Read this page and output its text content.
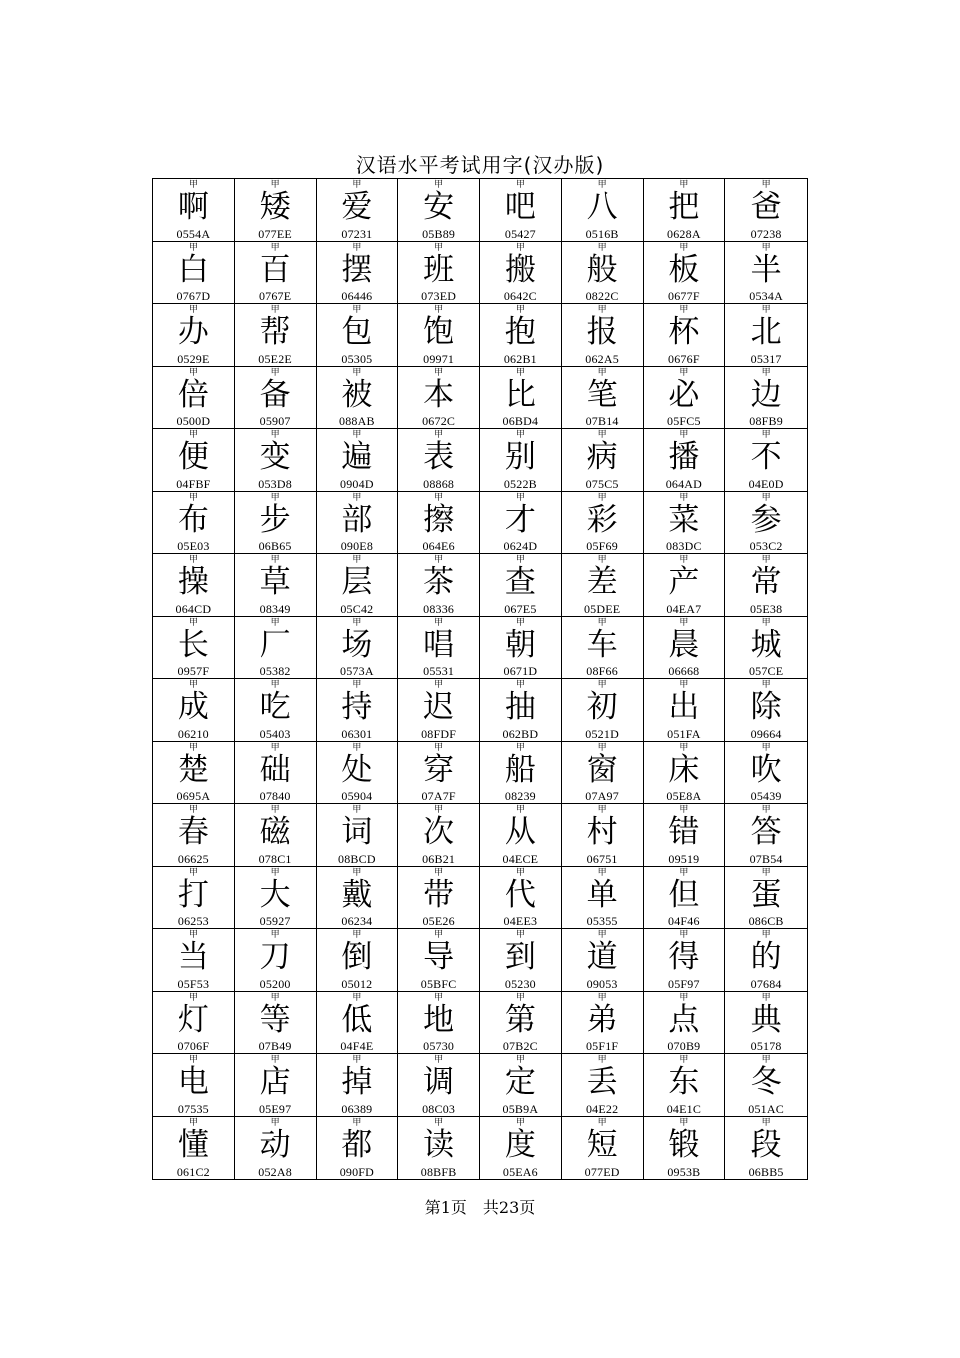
汉语水平考试用字(汉办版)
甲
啊
0554A
甲
矮
077EE
甲
爱
07231
甲
安
05B89
甲
吧
05427
甲
八
0516B
甲
把
0628A
甲
爸
07238
甲
白
0767D
甲
百
0767E
甲
摆
06446
甲
班
073ED
甲
搬
0642C
甲
般
0822C
甲
板
0677F
甲
半
0534A
甲
办
0529E
甲
帮
05E2E
甲
包
05305
甲
饱
09971
甲
抱
062B1
甲
报
062A5
甲
杯
0676F
甲
北
05317
甲
倍
0500D
甲
备
05907
甲
被
088AB
甲
本
0672C
甲
比
06BD4
甲
笔
07B14
甲
必
05FC5
甲
边
08FB9
甲
便
04FBF
甲
变
053D8
甲
遍
0904D
甲
表
08868
甲
别
0522B
甲
病
075C5
甲
播
064AD
甲
不
04E0D
甲
布
05E03
甲
步
06B65
甲
部
090E8
甲
擦
064E6
甲
才
0624D
甲
彩
05F69
甲
菜
083DC
甲
参
053C2
甲
操
064CD
甲
草
08349
甲
层
05C42
甲
茶
08336
甲
查
067E5
甲
差
05DEE
甲
产
04EA7
甲
常
05E38
甲
长
0957F
甲
厂
05382
甲
场
0573A
甲
唱
05531
甲
朝
0671D
甲
车
08F66
甲
晨
06668
甲
城
057CE
甲
成
06210
甲
吃
05403
甲
持
06301
甲
迟
08FDF
甲
抽
062BD
甲
初
0521D
甲
出
051FA
甲
除
09664
甲
楚
0695A
甲
础
07840
甲
处
05904
甲
穿
07A7F
甲
船
08239
甲
窗
07A97
甲
床
05E8A
甲
吹
05439
甲
春
06625
甲
磁
078C1
甲
词
08BCD
甲
次
06B21
甲
从
04ECE
甲
村
06751
甲
错
09519
甲
答
07B54
甲
打
06253
甲
大
05927
甲
戴
06234
甲
带
05E26
甲
代
04EE3
甲
单
05355
甲
但
04F46
甲
蛋
086CB
甲
当
05F53
甲
刀
05200
甲
倒
05012
甲
导
05BFC
甲
到
05230
甲
道
09053
甲
得
05F97
甲
的
07684
甲
灯
0706F
甲
等
07B49
甲
低
04F4E
甲
地
05730
甲
第
07B2C
甲
弟
05F1F
甲
点
070B9
甲
典
05178
甲
电
07535
甲
店
05E97
甲
掉
06389
甲
调
08C03
甲
定
05B9A
甲
丢
04E22
甲
东
04E1C
甲
冬
051AC
甲
懂
061C2
甲
动
052A8
甲
都
090FD
甲
读
08BFB
甲
度
05EA6
甲
短
077ED
甲
锻
0953B
甲
段
06BB5
第1页 共23页
